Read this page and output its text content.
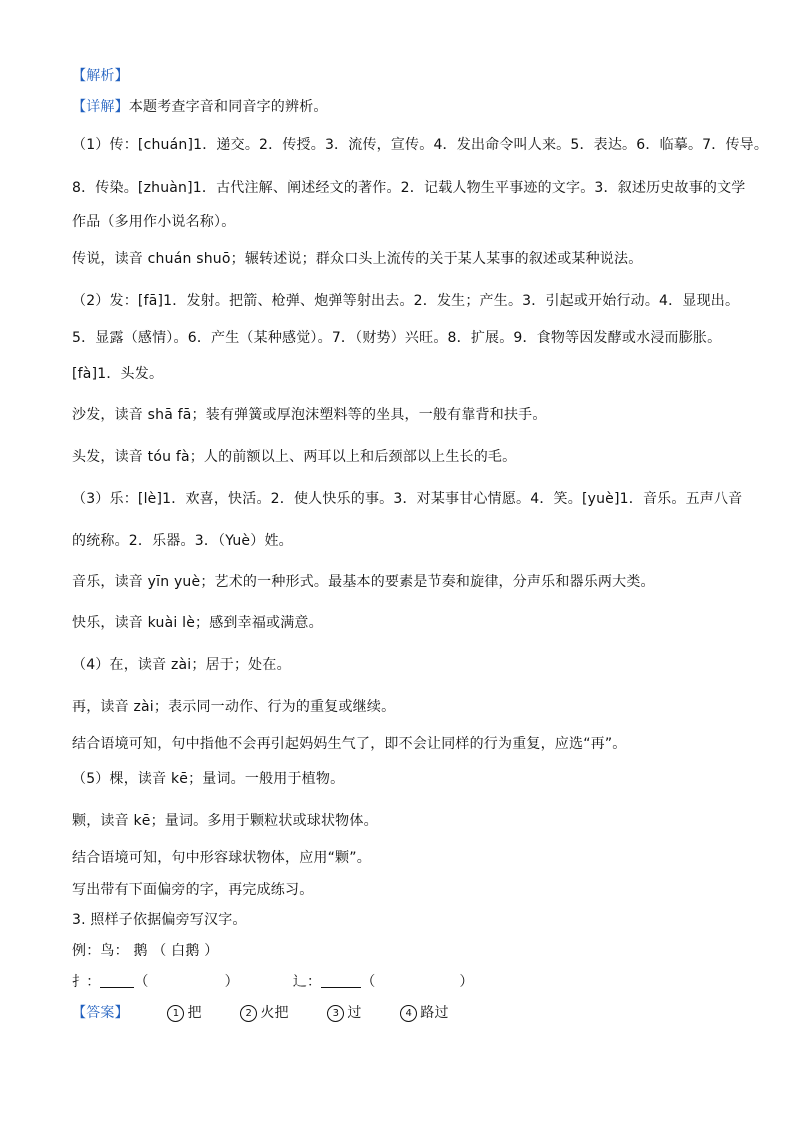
【解析】
【详解】本题考查字音和同音字的辨析。
（1）传：[chuán]1．递交。2．传授。3．流传，宣传。4．发出命令叫人来。5．表达。6．临摹。7．传导。
8．传染。[zhuàn]1．古代注解、阐述经文的著作。2．记载人物生平事迹的文字。3．叙述历史故事的文学
作品（多用作小说名称）。
传说，读音 chuán shuō；辗转述说；群众口头上流传的关于某人某事的叙述或某种说法。
（2）发：[fā]1．发射。把箭、枪弹、炮弹等射出去。2．发生；产生。3．引起或开始行动。4．显现出。
5．显露（感情）。6．产生（某种感觉）。7．（财势）兴旺。8．扩展。9．食物等因发酵或水浸而膨胀。
[fà]1．头发。
沙发，读音 shā fā；装有弹簧或厚泡沫塑料等的坐具，一般有靠背和扶手。
头发，读音 tóu fà；人的前额以上、两耳以上和后颈部以上生长的毛。
（3）乐：[lè]1．欢喜，快活。2．使人快乐的事。3．对某事甘心情愿。4．笑。[yuè]1．音乐。五声八音
的统称。2．乐器。3．（Yuè）姓。
音乐，读音 yīn yuè；艺术的一种形式。最基本的要素是节奏和旋律，分声乐和器乐两大类。
快乐，读音 kuài lè；感到幸福或满意。
（4）在，读音 zài；居于；处在。
再，读音 zài；表示同一动作、行为的重复或继续。
结合语境可知，句中指他不会再引起妈妈生气了，即不会让同样的行为重复，应选“再”。
（5）棵，读音 kē；量词。一般用于植物。
颗，读音 kē；量词。多用于颗粒状或球状物体。
结合语境可知，句中形容球状物体，应用“颗”。
写出带有下面偏旁的字，再完成练习。
3. 照样子依据偏旁写汉字。
例：鸟： 鹅 （ 白鹅 ）
扌： （	）	辶：	（	）
【答案】	1 把	2 火把	3 过	4 路过
